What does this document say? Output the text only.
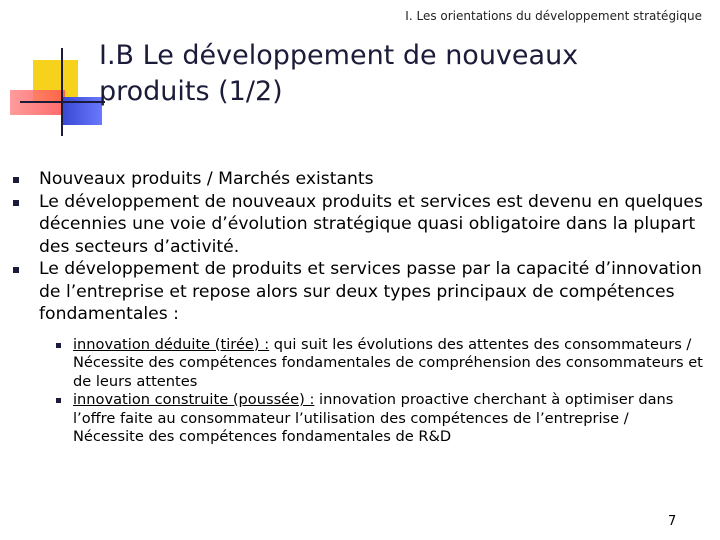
I. Les orientations du développement stratégique
I.B Le développement de nouveaux
produits (1/2)
Nouveaux produits / Marchés existants
Le développement de nouveaux produits et services est devenu en quelques décennies une voie d’évolution stratégique quasi obligatoire dans la plupart des secteurs d’activité.
Le développement de produits et services passe par la capacité d’innovation de l’entreprise et repose alors sur deux types principaux de compétences fondamentales :
innovation déduite (tirée) : qui suit les évolutions des attentes des consommateurs / Nécessite des compétences fondamentales de compréhension des consommateurs et de leurs attentes
innovation construite (poussée) : innovation proactive cherchant à optimiser dans l’offre faite au consommateur l’utilisation des compétences de l’entreprise / Nécessite des compétences fondamentales de R&D
7
